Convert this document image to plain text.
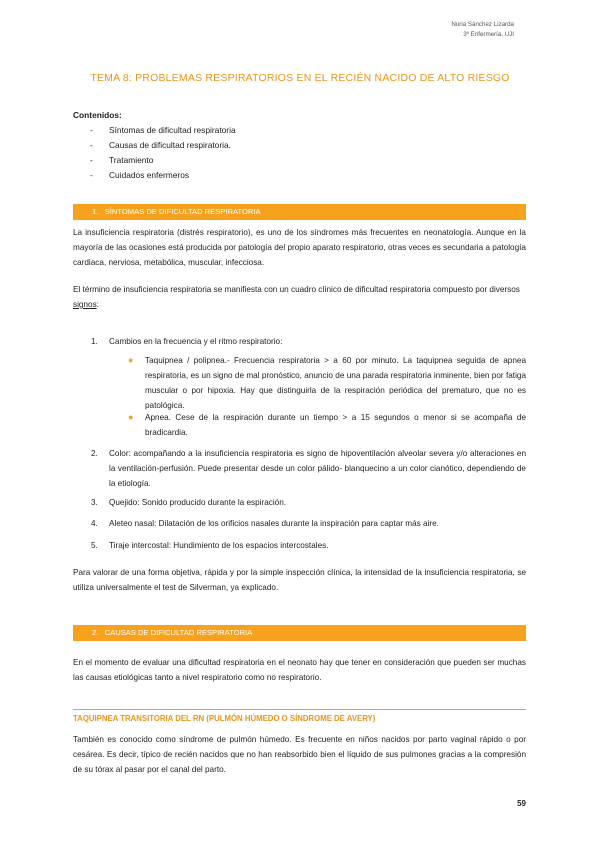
Nuria Sánchez Lizarda
3º Enfermería, UJI
TEMA 8: PROBLEMAS RESPIRATORIOS EN EL RECIÉN NACIDO DE ALTO RIESGO
Contenidos:
- Síntomas de dificultad respiratoria
- Causas de dificultad respiratoria.
- Tratamiento
- Cuidados enfermeros
1. SÍNTOMAS DE DIFICULTAD RESPIRATORIA

La insuficiencia respiratoria (distrés respiratorio), es uno de los síndromes más frecuentes en neonatología. Aunque en la mayoría de las ocasiones está producida por patología del propio aparato respiratorio, otras veces es secundaria a patología cardiaca, nerviosa, metabólica, muscular, infecciosa.

El término de insuficiencia respiratoria se manifiesta con un cuadro clínico de dificultad respiratoria compuesto por diversos signos:

1. Cambios en la frecuencia y el ritmo respiratorio:
● Taquipnea / polipnea.- Frecuencia respiratoria > a 60 por minuto. La taquipnea seguida de apnea respiratoria, es un signo de mal pronóstico, anuncio de una parada respiratoria inminente, bien por fatiga muscular o por hipoxia. Hay que distinguirla de la respiración periódica del prematuro, que no es patológica.
● Apnea. Cese de la respiración durante un tiempo > a 15 segundos o menor si se acompaña de bradicardia.
2. Color: acompañando a la insuficiencia respiratoria es signo de hipoventilación alveolar severa y/o alteraciones en la ventilación-perfusión. Puede presentar desde un color pálido- blanquecino a un color cianótico, dependiendo de la etiología.
3. Quejido: Sonido producido durante la espiración.
4. Aleteo nasal: Dilatación de los orificios nasales durante la inspiración para captar más aire.
5. Tiraje intercostal: Hundimiento de los espacios intercostales.

Para valorar de una forma objetiva, rápida y por la simple inspección clínica, la intensidad de la insuficiencia respiratoria, se utiliza universalmente el test de Silverman, ya explicado.

2. CAUSAS DE DIFICULTAD RESPIRATORIA

En el momento de evaluar una dificultad respiratoria en el neonato hay que tener en consideración que pueden ser muchas las causas etiológicas tanto a nivel respiratorio como no respiratorio.

TAQUIPNEA TRANSITORIA DEL RN (PULMÓN HÚMEDO O SÍNDROME DE AVERY)

También es conocido como síndrome de pulmón húmedo. Es frecuente en niños nacidos por parto vaginal rápido o por cesárea. Es decir, típico de recién nacidos que no han reabsorbido bien el líquido de sus pulmones gracias a la compresión de su tórax al pasar por el canal del parto.

59
